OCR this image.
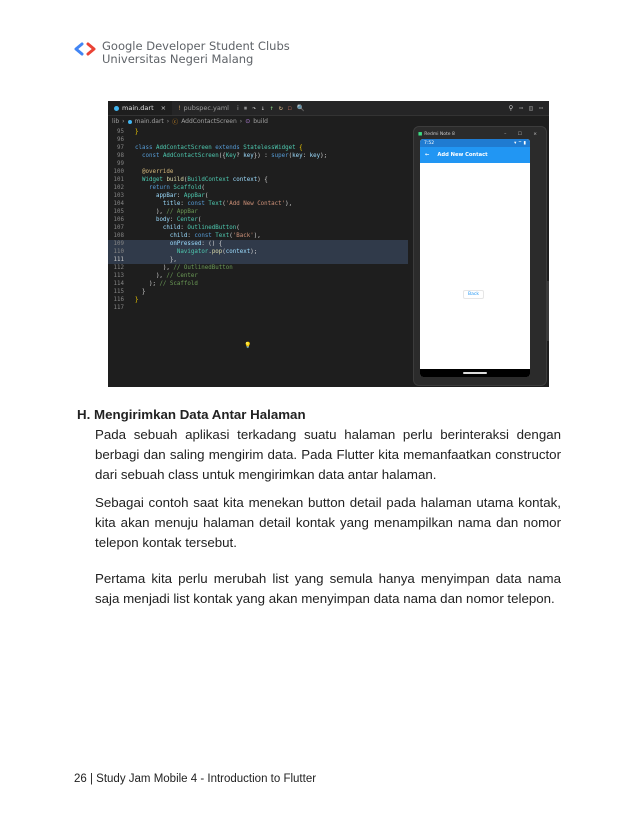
Google Developer Student Clubs
Universitas Negeri Malang
main.dart × ! pubspec.yaml ⁞ ⏸ ↷ ↓ ↑ ↻ ☐ 🔍	⚲ ⋯ ◫ ⋯
lib › main.dart › ⓒ AddContactScreen › ⊙ build
95 }
96
97 class AddContactScreen extends StatelessWidget {
98	const AddContactScreen({Key? key}) : super(key: key);
99
100	@override
101	Widget build(BuildContext context) {
102	return Scaffold(
103	appBar: AppBar(
104	title: const Text('Add New Contact'),
105 ), // AppBar
106	body: Center(
107	child: OutlinedButton(
108	child: const Text('Back'),
109	onPressed: () {
110	Navigator.pop(context);
111 },
112 ), // OutlinedButton
113 ), // Center
114 ); // Scaffold
115 }
116 }
117
💡
■ Redmi Note 8	– ☐ ×
7:52	▾ ⌔ ▮
← Add New Contact
Back
H. Mengirimkan Data Antar Halaman

Pada sebuah aplikasi terkadang suatu halaman perlu berinteraksi dengan berbagi dan saling mengirim data. Pada Flutter kita memanfaatkan constructor dari sebuah class untuk mengirimkan data antar halaman.

Sebagai contoh saat kita menekan button detail pada halaman utama kontak, kita akan menuju halaman detail kontak yang menampilkan nama dan nomor telepon kontak tersebut.

Pertama kita perlu merubah list yang semula hanya menyimpan data nama saja menjadi list kontak yang akan menyimpan data nama dan nomor telepon.

26 | Study Jam Mobile 4 - Introduction to Flutter
